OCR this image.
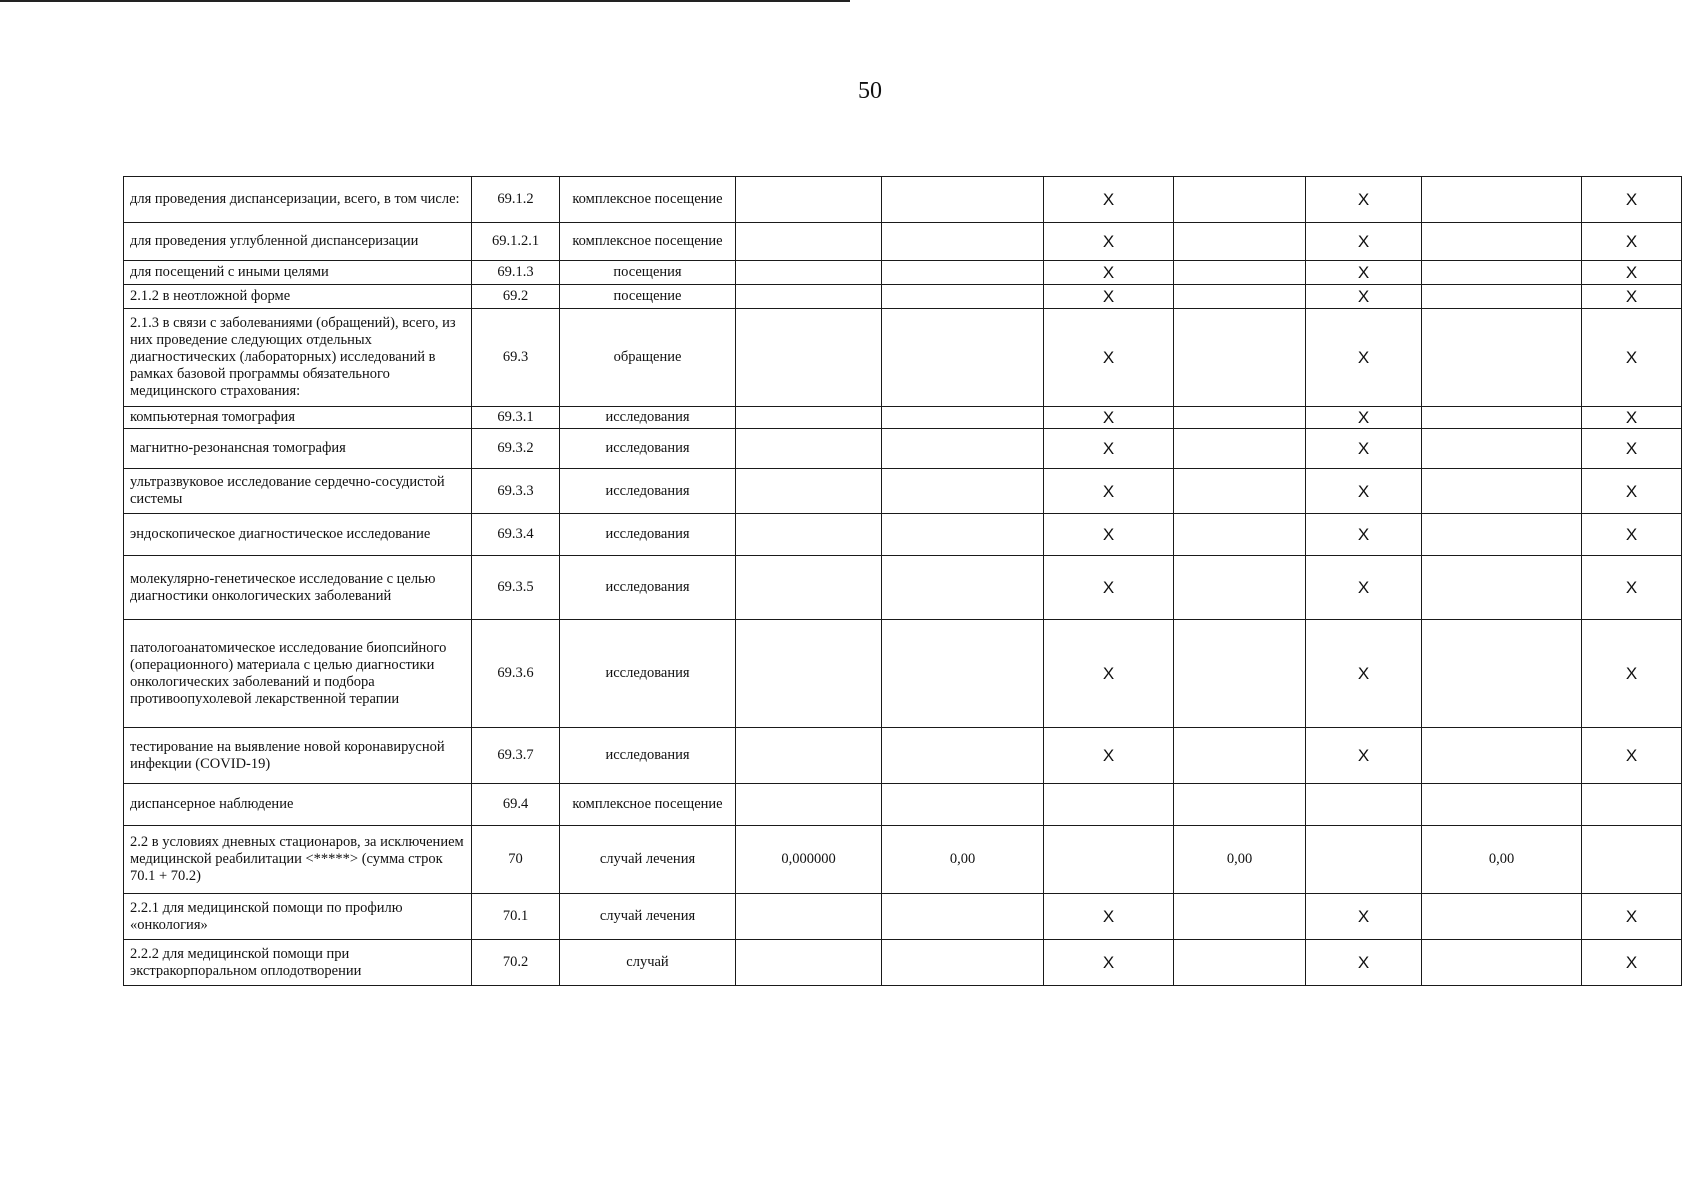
50
для проведения диспансеризации, всего, в том числе:	69.1.2	комплексное посещение			X		X		X
для проведения углубленной диспансеризации	69.1.2.1	комплексное посещение			X		X		X
для посещений с иными целями	69.1.3	посещения			X		X		X
2.1.2 в неотложной форме	69.2	посещение			X		X		X
2.1.3 в связи с заболеваниями (обращений), всего, из них проведение следующих отдельных диагностических (лабораторных) исследований в рамках базовой программы обязательного медицинского страхования:	69.3	обращение			X		X		X
компьютерная томография	69.3.1	исследования			X		X		X
магнитно-резонансная томография	69.3.2	исследования			X		X		X
ультразвуковое исследование сердечно-сосудистой системы	69.3.3	исследования			X		X		X
эндоскопическое диагностическое исследование	69.3.4	исследования			X		X		X
молекулярно-генетическое исследование с целью диагностики онкологических заболеваний	69.3.5	исследования			X		X		X
патологоанатомическое исследование биопсийного (операционного) материала с целью диагностики онкологических заболеваний и подбора противоопухолевой лекарственной терапии	69.3.6	исследования			X		X		X
тестирование на выявление новой коронавирусной инфекции (COVID-19)	69.3.7	исследования			X		X		X
диспансерное наблюдение	69.4	комплексное посещение							
2.2 в условиях дневных стационаров, за исключением медицинской реабилитации <*****> (сумма строк 70.1 + 70.2)	70	случай лечения	0,000000	0,00		0,00		0,00	
2.2.1 для медицинской помощи по профилю «онкология»	70.1	случай лечения			X		X		X
2.2.2 для медицинской помощи при экстракорпоральном оплодотворении	70.2	случай			X		X		X
